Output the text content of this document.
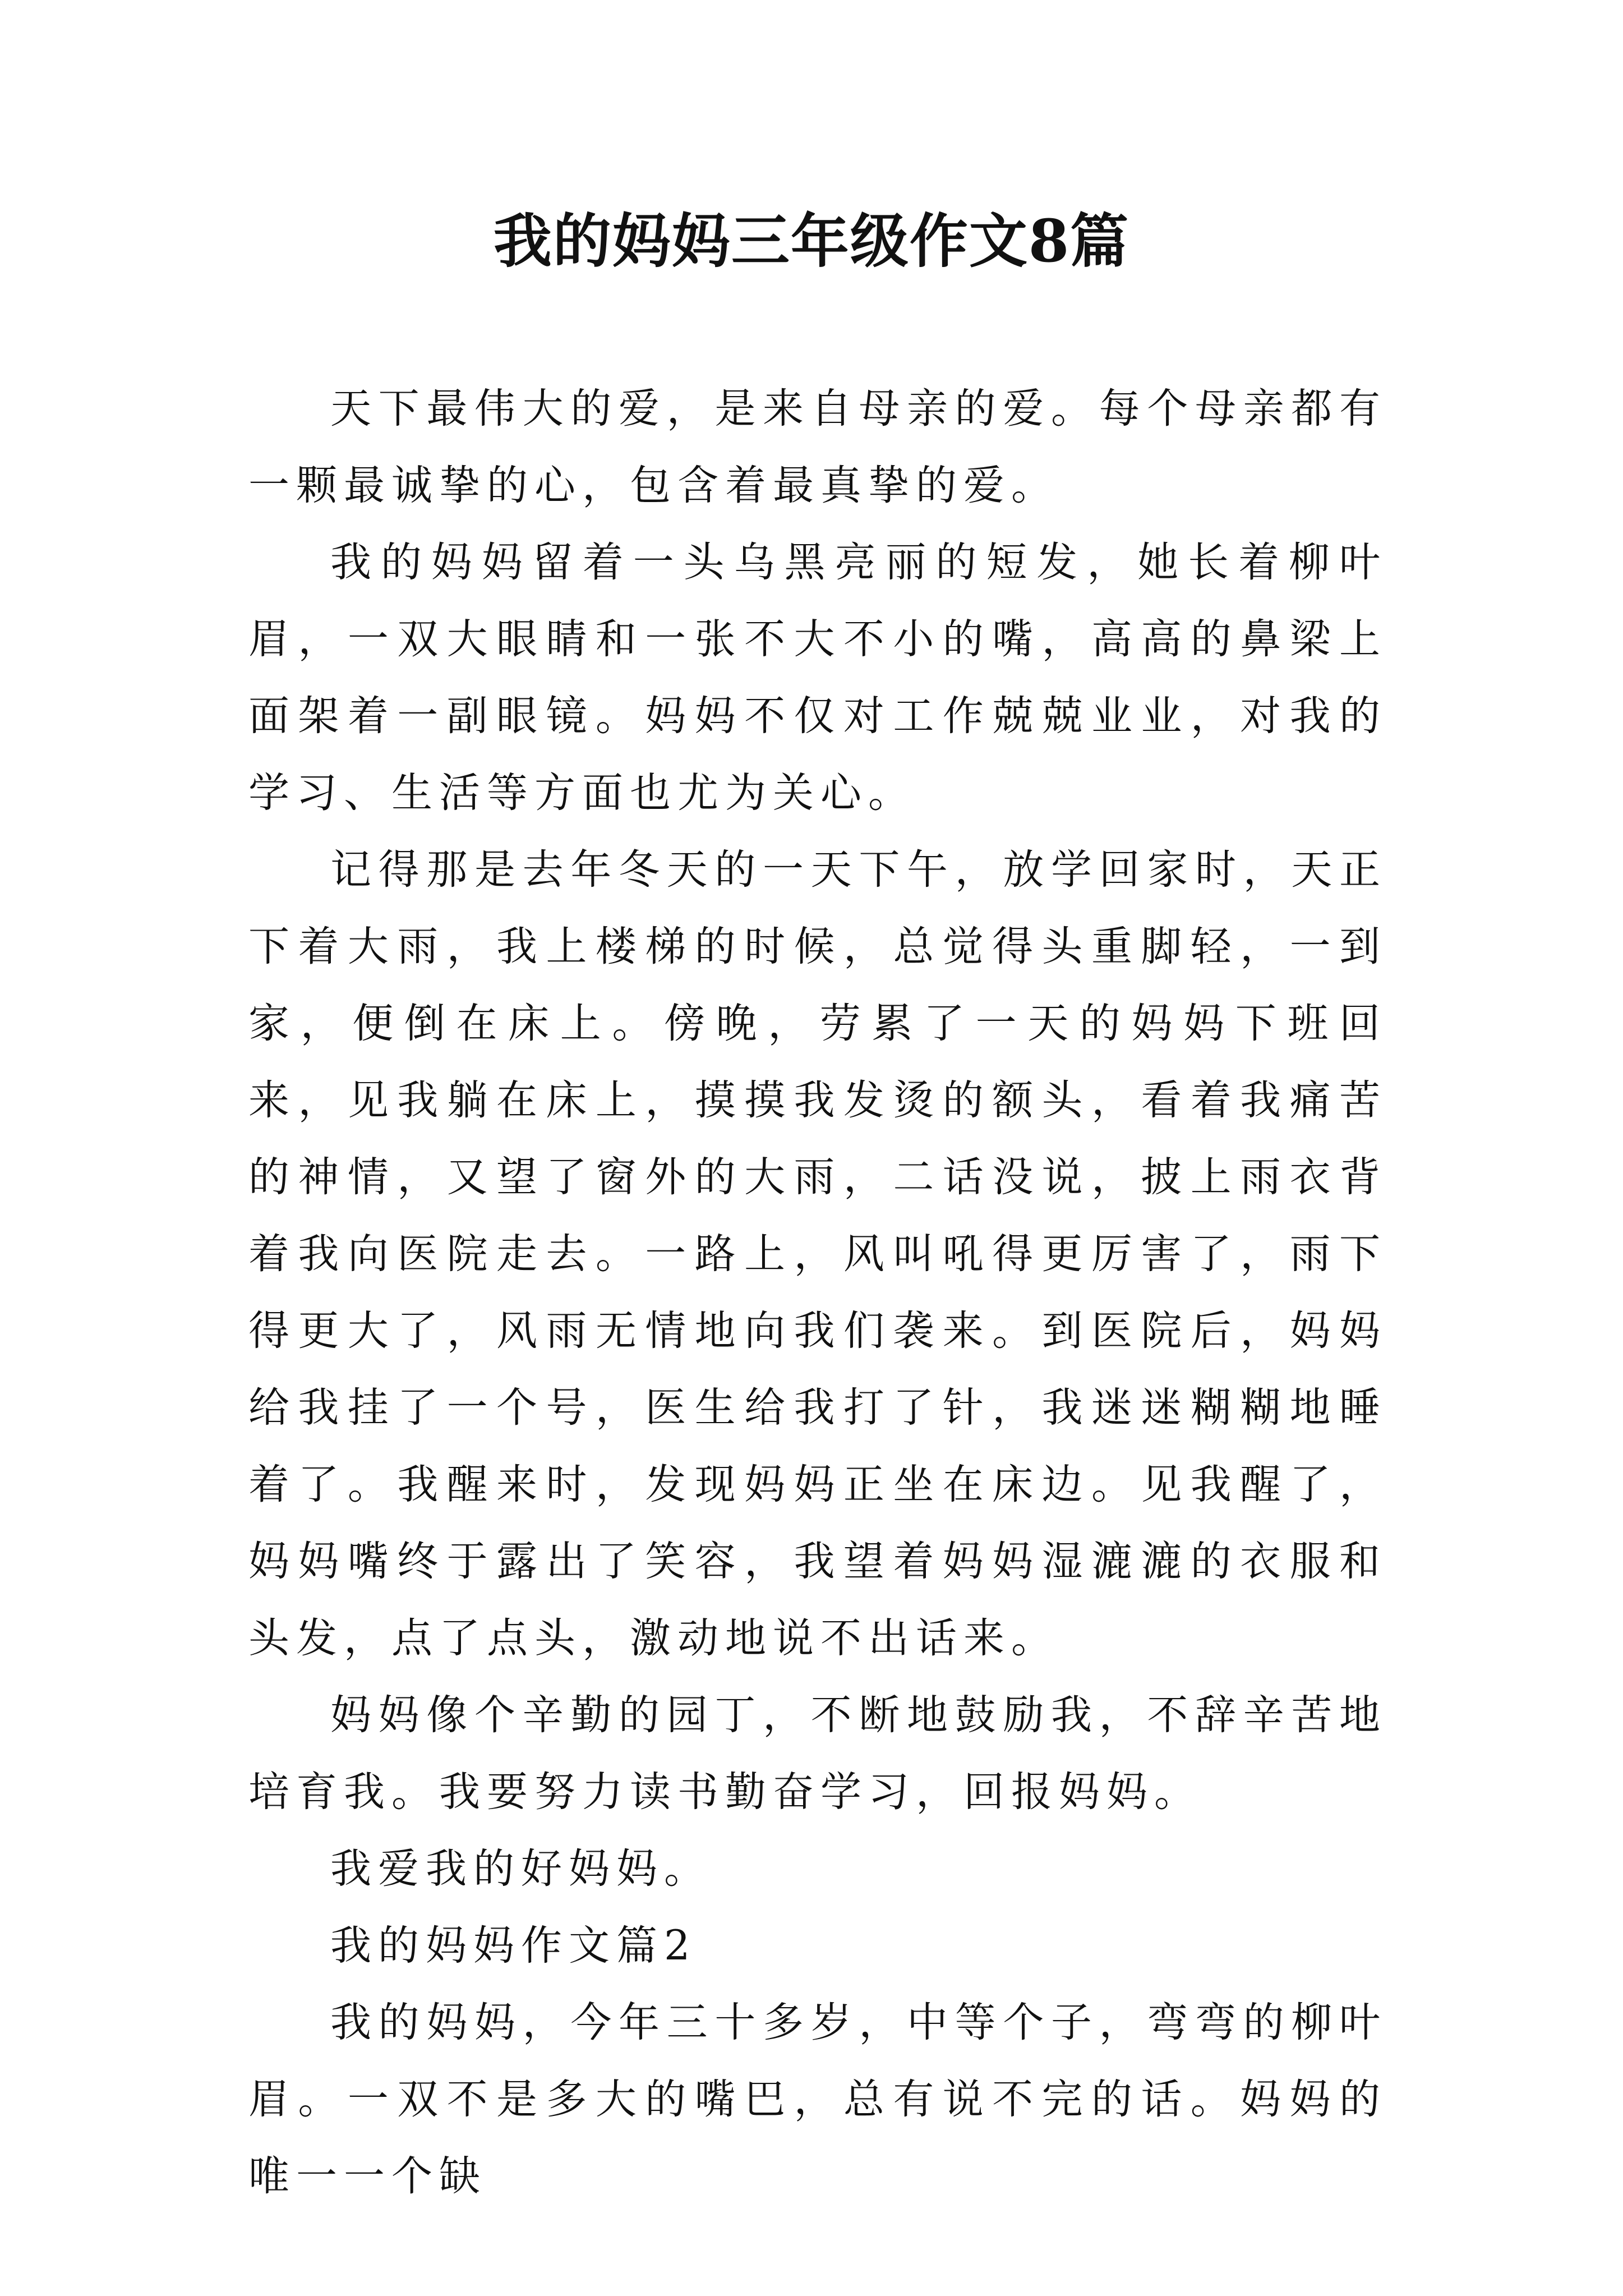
我的妈妈三年级作文8篇

天下最伟大的爱，是来自母亲的爱。每个母亲都有一颗最诚挚的心，包含着最真挚的爱。

我的妈妈留着一头乌黑亮丽的短发，她长着柳叶眉，一双大眼睛和一张不大不小的嘴，高高的鼻梁上面架着一副眼镜。妈妈不仅对工作兢兢业业，对我的学习、生活等方面也尤为关心。

记得那是去年冬天的一天下午，放学回家时，天正下着大雨，我上楼梯的时候，总觉得头重脚轻，一到家，便倒在床上。傍晚，劳累了一天的妈妈下班回来，见我躺在床上，摸摸我发烫的额头，看着我痛苦的神情，又望了窗外的大雨，二话没说，披上雨衣背着我向医院走去。一路上，风叫吼得更厉害了，雨下得更大了，风雨无情地向我们袭来。到医院后，妈妈给我挂了一个号，医生给我打了针，我迷迷糊糊地睡着了。我醒来时，发现妈妈正坐在床边。见我醒了，妈妈嘴终于露出了笑容，我望着妈妈湿漉漉的衣服和头发，点了点头，激动地说不出话来。

妈妈像个辛勤的园丁，不断地鼓励我，不辞辛苦地培育我。我要努力读书勤奋学习，回报妈妈。

我爱我的好妈妈。

我的妈妈作文篇2

我的妈妈，今年三十多岁，中等个子，弯弯的柳叶眉。一双不是多大的嘴巴，总有说不完的话。妈妈的唯一一个缺
